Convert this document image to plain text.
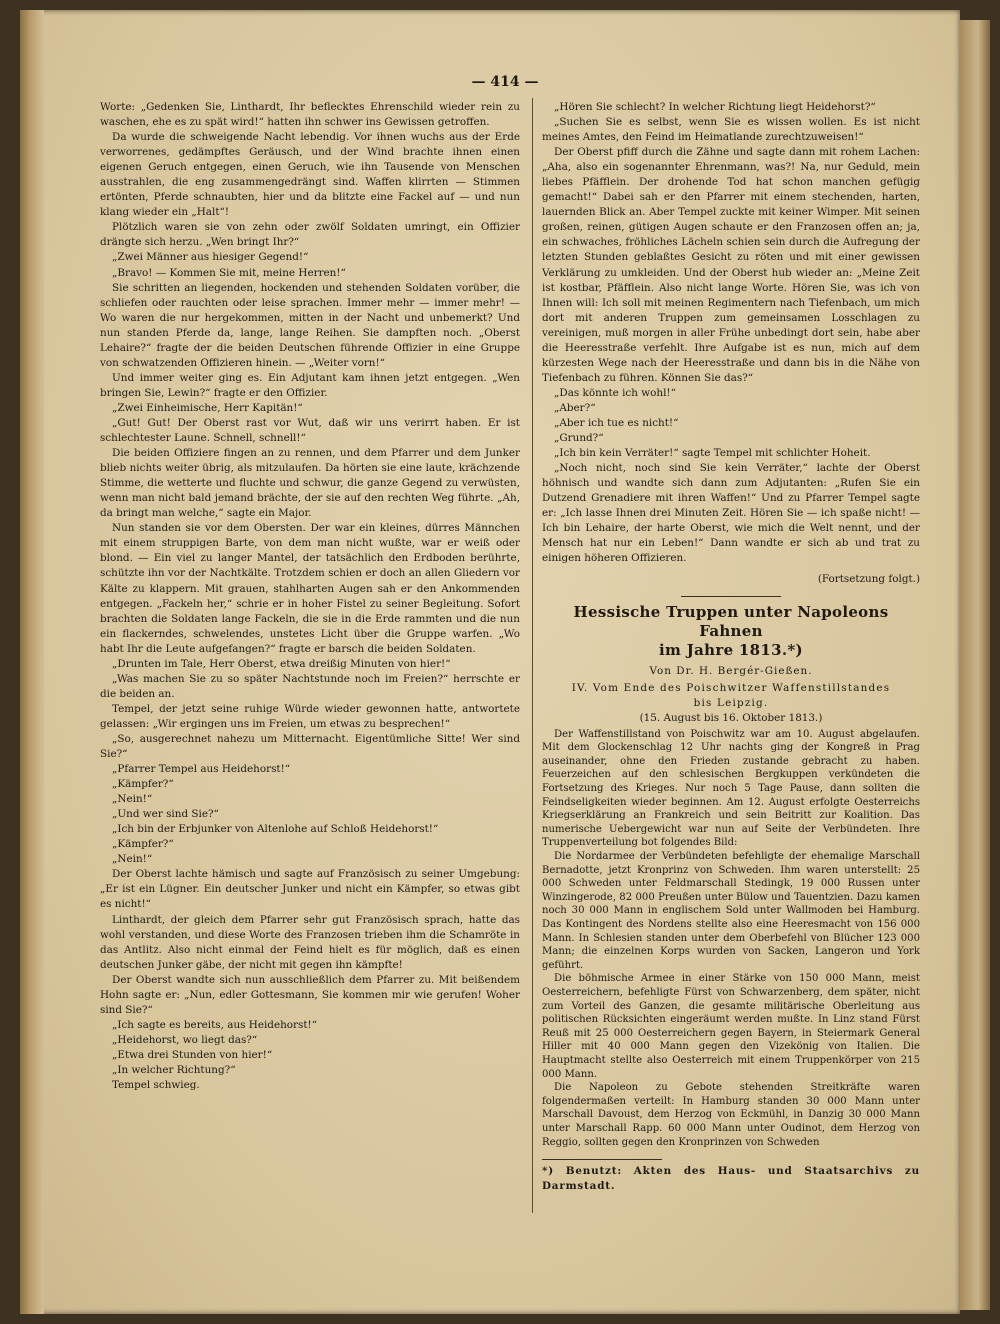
— 414 —

Worte: „Gedenken Sie, Linthardt, Ihr beflecktes Ehrenschild wieder rein zu waschen, ehe es zu spät wird!“ hatten ihn schwer ins Gewissen getroffen.

Da wurde die schweigende Nacht lebendig. Vor ihnen wuchs aus der Erde verworrenes, gedämpftes Geräusch, und der Wind brachte ihnen einen eigenen Geruch entgegen, einen Geruch, wie ihn Tausende von Menschen ausstrahlen, die eng zusammengedrängt sind. Waffen klirrten — Stimmen ertönten, Pferde schnaubten, hier und da blitzte eine Fackel auf — und nun klang wieder ein „Halt“!

Plötzlich waren sie von zehn oder zwölf Soldaten umringt, ein Offizier drängte sich herzu. „Wen bringt Ihr?“

„Zwei Männer aus hiesiger Gegend!“

„Bravo! — Kommen Sie mit, meine Herren!“

Sie schritten an liegenden, hockenden und stehenden Soldaten vorüber, die schliefen oder rauchten oder leise sprachen. Immer mehr — immer mehr! — Wo waren die nur hergekommen, mitten in der Nacht und unbemerkt? Und nun standen Pferde da, lange, lange Reihen. Sie dampften noch. „Oberst Lehaire?“ fragte der die beiden Deutschen führende Offizier in eine Gruppe von schwatzenden Offizieren hinein. — „Weiter vorn!“

Und immer weiter ging es. Ein Adjutant kam ihnen jetzt entgegen. „Wen bringen Sie, Lewin?“ fragte er den Offizier.

„Zwei Einheimische, Herr Kapitän!“

„Gut! Gut! Der Oberst rast vor Wut, daß wir uns verirrt haben. Er ist schlechtester Laune. Schnell, schnell!“

Die beiden Offiziere fingen an zu rennen, und dem Pfarrer und dem Junker blieb nichts weiter übrig, als mitzulaufen. Da hörten sie eine laute, krächzende Stimme, die wetterte und fluchte und schwur, die ganze Gegend zu verwüsten, wenn man nicht bald jemand brächte, der sie auf den rechten Weg führte. „Ah, da bringt man welche,“ sagte ein Major.

Nun standen sie vor dem Obersten. Der war ein kleines, dürres Männchen mit einem struppigen Barte, von dem man nicht wußte, war er weiß oder blond. — Ein viel zu langer Mantel, der tatsächlich den Erdboden berührte, schützte ihn vor der Nachtkälte. Trotzdem schien er doch an allen Gliedern vor Kälte zu klappern. Mit grauen, stahlharten Augen sah er den Ankommenden entgegen. „Fackeln her,“ schrie er in hoher Fistel zu seiner Begleitung. Sofort brachten die Soldaten lange Fackeln, die sie in die Erde rammten und die nun ein flackerndes, schwelendes, unstetes Licht über die Gruppe warfen. „Wo habt Ihr die Leute aufgefangen?“ fragte er barsch die beiden Soldaten.

„Drunten im Tale, Herr Oberst, etwa dreißig Minuten von hier!“

„Was machen Sie zu so später Nachtstunde noch im Freien?“ herrschte er die beiden an.

Tempel, der jetzt seine ruhige Würde wieder gewonnen hatte, antwortete gelassen: „Wir ergingen uns im Freien, um etwas zu besprechen!“

„So, ausgerechnet nahezu um Mitternacht. Eigentümliche Sitte! Wer sind Sie?“

„Pfarrer Tempel aus Heidehorst!“

„Kämpfer?“

„Nein!“

„Und wer sind Sie?“

„Ich bin der Erbjunker von Altenlohe auf Schloß Heidehorst!“

„Kämpfer?“

„Nein!“

Der Oberst lachte hämisch und sagte auf Französisch zu seiner Umgebung: „Er ist ein Lügner. Ein deutscher Junker und nicht ein Kämpfer, so etwas gibt es nicht!“

Linthardt, der gleich dem Pfarrer sehr gut Französisch sprach, hatte das wohl verstanden, und diese Worte des Franzosen trieben ihm die Schamröte in das Antlitz. Also nicht einmal der Feind hielt es für möglich, daß es einen deutschen Junker gäbe, der nicht mit gegen ihn kämpfte!

Der Oberst wandte sich nun ausschließlich dem Pfarrer zu. Mit beißendem Hohn sagte er: „Nun, edler Gottesmann, Sie kommen mir wie gerufen! Woher sind Sie?“

„Ich sagte es bereits, aus Heidehorst!“

„Heidehorst, wo liegt das?“

„Etwa drei Stunden von hier!“

„In welcher Richtung?“

Tempel schwieg.

„Hören Sie schlecht? In welcher Richtung liegt Heidehorst?“

„Suchen Sie es selbst, wenn Sie es wissen wollen. Es ist nicht meines Amtes, den Feind im Heimatlande zurechtzuweisen!“

Der Oberst pfiff durch die Zähne und sagte dann mit rohem Lachen: „Aha, also ein sogenannter Ehrenmann, was?! Na, nur Geduld, mein liebes Pfäfflein. Der drohende Tod hat schon manchen gefügig gemacht!“ Dabei sah er den Pfarrer mit einem stechenden, harten, lauernden Blick an. Aber Tempel zuckte mit keiner Wimper. Mit seinen großen, reinen, gütigen Augen schaute er den Franzosen offen an; ja, ein schwaches, fröhliches Lächeln schien sein durch die Aufregung der letzten Stunden geblaßtes Gesicht zu röten und mit einer gewissen Verklärung zu umkleiden. Und der Oberst hub wieder an: „Meine Zeit ist kostbar, Pfäfflein. Also nicht lange Worte. Hören Sie, was ich von Ihnen will: Ich soll mit meinen Regimentern nach Tiefenbach, um mich dort mit anderen Truppen zum gemeinsamen Losschlagen zu vereinigen, muß morgen in aller Frühe unbedingt dort sein, habe aber die Heeresstraße verfehlt. Ihre Aufgabe ist es nun, mich auf dem kürzesten Wege nach der Heeresstraße und dann bis in die Nähe von Tiefenbach zu führen. Können Sie das?“

„Das könnte ich wohl!“

„Aber?“

„Aber ich tue es nicht!“

„Grund?“

„Ich bin kein Verräter!“ sagte Tempel mit schlichter Hoheit.

„Noch nicht, noch sind Sie kein Verräter,“ lachte der Oberst höhnisch und wandte sich dann zum Adjutanten: „Rufen Sie ein Dutzend Grenadiere mit ihren Waffen!“ Und zu Pfarrer Tempel sagte er: „Ich lasse Ihnen drei Minuten Zeit. Hören Sie — ich spaße nicht! — Ich bin Lehaire, der harte Oberst, wie mich die Welt nennt, und der Mensch hat nur ein Leben!“ Dann wandte er sich ab und trat zu einigen höheren Offizieren.

(Fortsetzung folgt.)
Hessische Truppen unter Napoleons Fahnen
im Jahre 1813.*)
Von Dr. H. Bergér-Gießen.
IV. Vom Ende des Poischwitzer Waffenstillstandes
bis Leipzig.
(15. August bis 16. Oktober 1813.)

Der Waffenstillstand von Poischwitz war am 10. August abgelaufen. Mit dem Glockenschlag 12 Uhr nachts ging der Kongreß in Prag auseinander, ohne den Frieden zustande gebracht zu haben. Feuerzeichen auf den schlesischen Bergkuppen verkündeten die Fortsetzung des Krieges. Nur noch 5 Tage Pause, dann sollten die Feindseligkeiten wieder beginnen. Am 12. August erfolgte Oesterreichs Kriegserklärung an Frankreich und sein Beitritt zur Koalition. Das numerische Uebergewicht war nun auf Seite der Verbündeten. Ihre Truppenverteilung bot folgendes Bild:

Die Nordarmee der Verbündeten befehligte der ehemalige Marschall Bernadotte, jetzt Kronprinz von Schweden. Ihm waren unterstellt: 25 000 Schweden unter Feldmarschall Stedingk, 19 000 Russen unter Winzingerode, 82 000 Preußen unter Bülow und Tauentzien. Dazu kamen noch 30 000 Mann in englischem Sold unter Wallmoden bei Hamburg. Das Kontingent des Nordens stellte also eine Heeresmacht von 156 000 Mann. In Schlesien standen unter dem Oberbefehl von Blücher 123 000 Mann; die einzelnen Korps wurden von Sacken, Langeron und York geführt.

Die böhmische Armee in einer Stärke von 150 000 Mann, meist Oesterreichern, befehligte Fürst von Schwarzenberg, dem später, nicht zum Vorteil des Ganzen, die gesamte militärische Oberleitung aus politischen Rücksichten eingeräumt werden mußte. In Linz stand Fürst Reuß mit 25 000 Oesterreichern gegen Bayern, in Steiermark General Hiller mit 40 000 Mann gegen den Vizekönig von Italien. Die Hauptmacht stellte also Oesterreich mit einem Truppenkörper von 215 000 Mann.

Die Napoleon zu Gebote stehenden Streitkräfte waren folgendermaßen verteilt: In Hamburg standen 30 000 Mann unter Marschall Davoust, dem Herzog von Eckmühl, in Danzig 30 000 Mann unter Marschall Rapp. 60 000 Mann unter Oudinot, dem Herzog von Reggio, sollten gegen den Kronprinzen von Schweden

*) Benutzt: Akten des Haus- und Staatsarchivs zu Darmstadt.
